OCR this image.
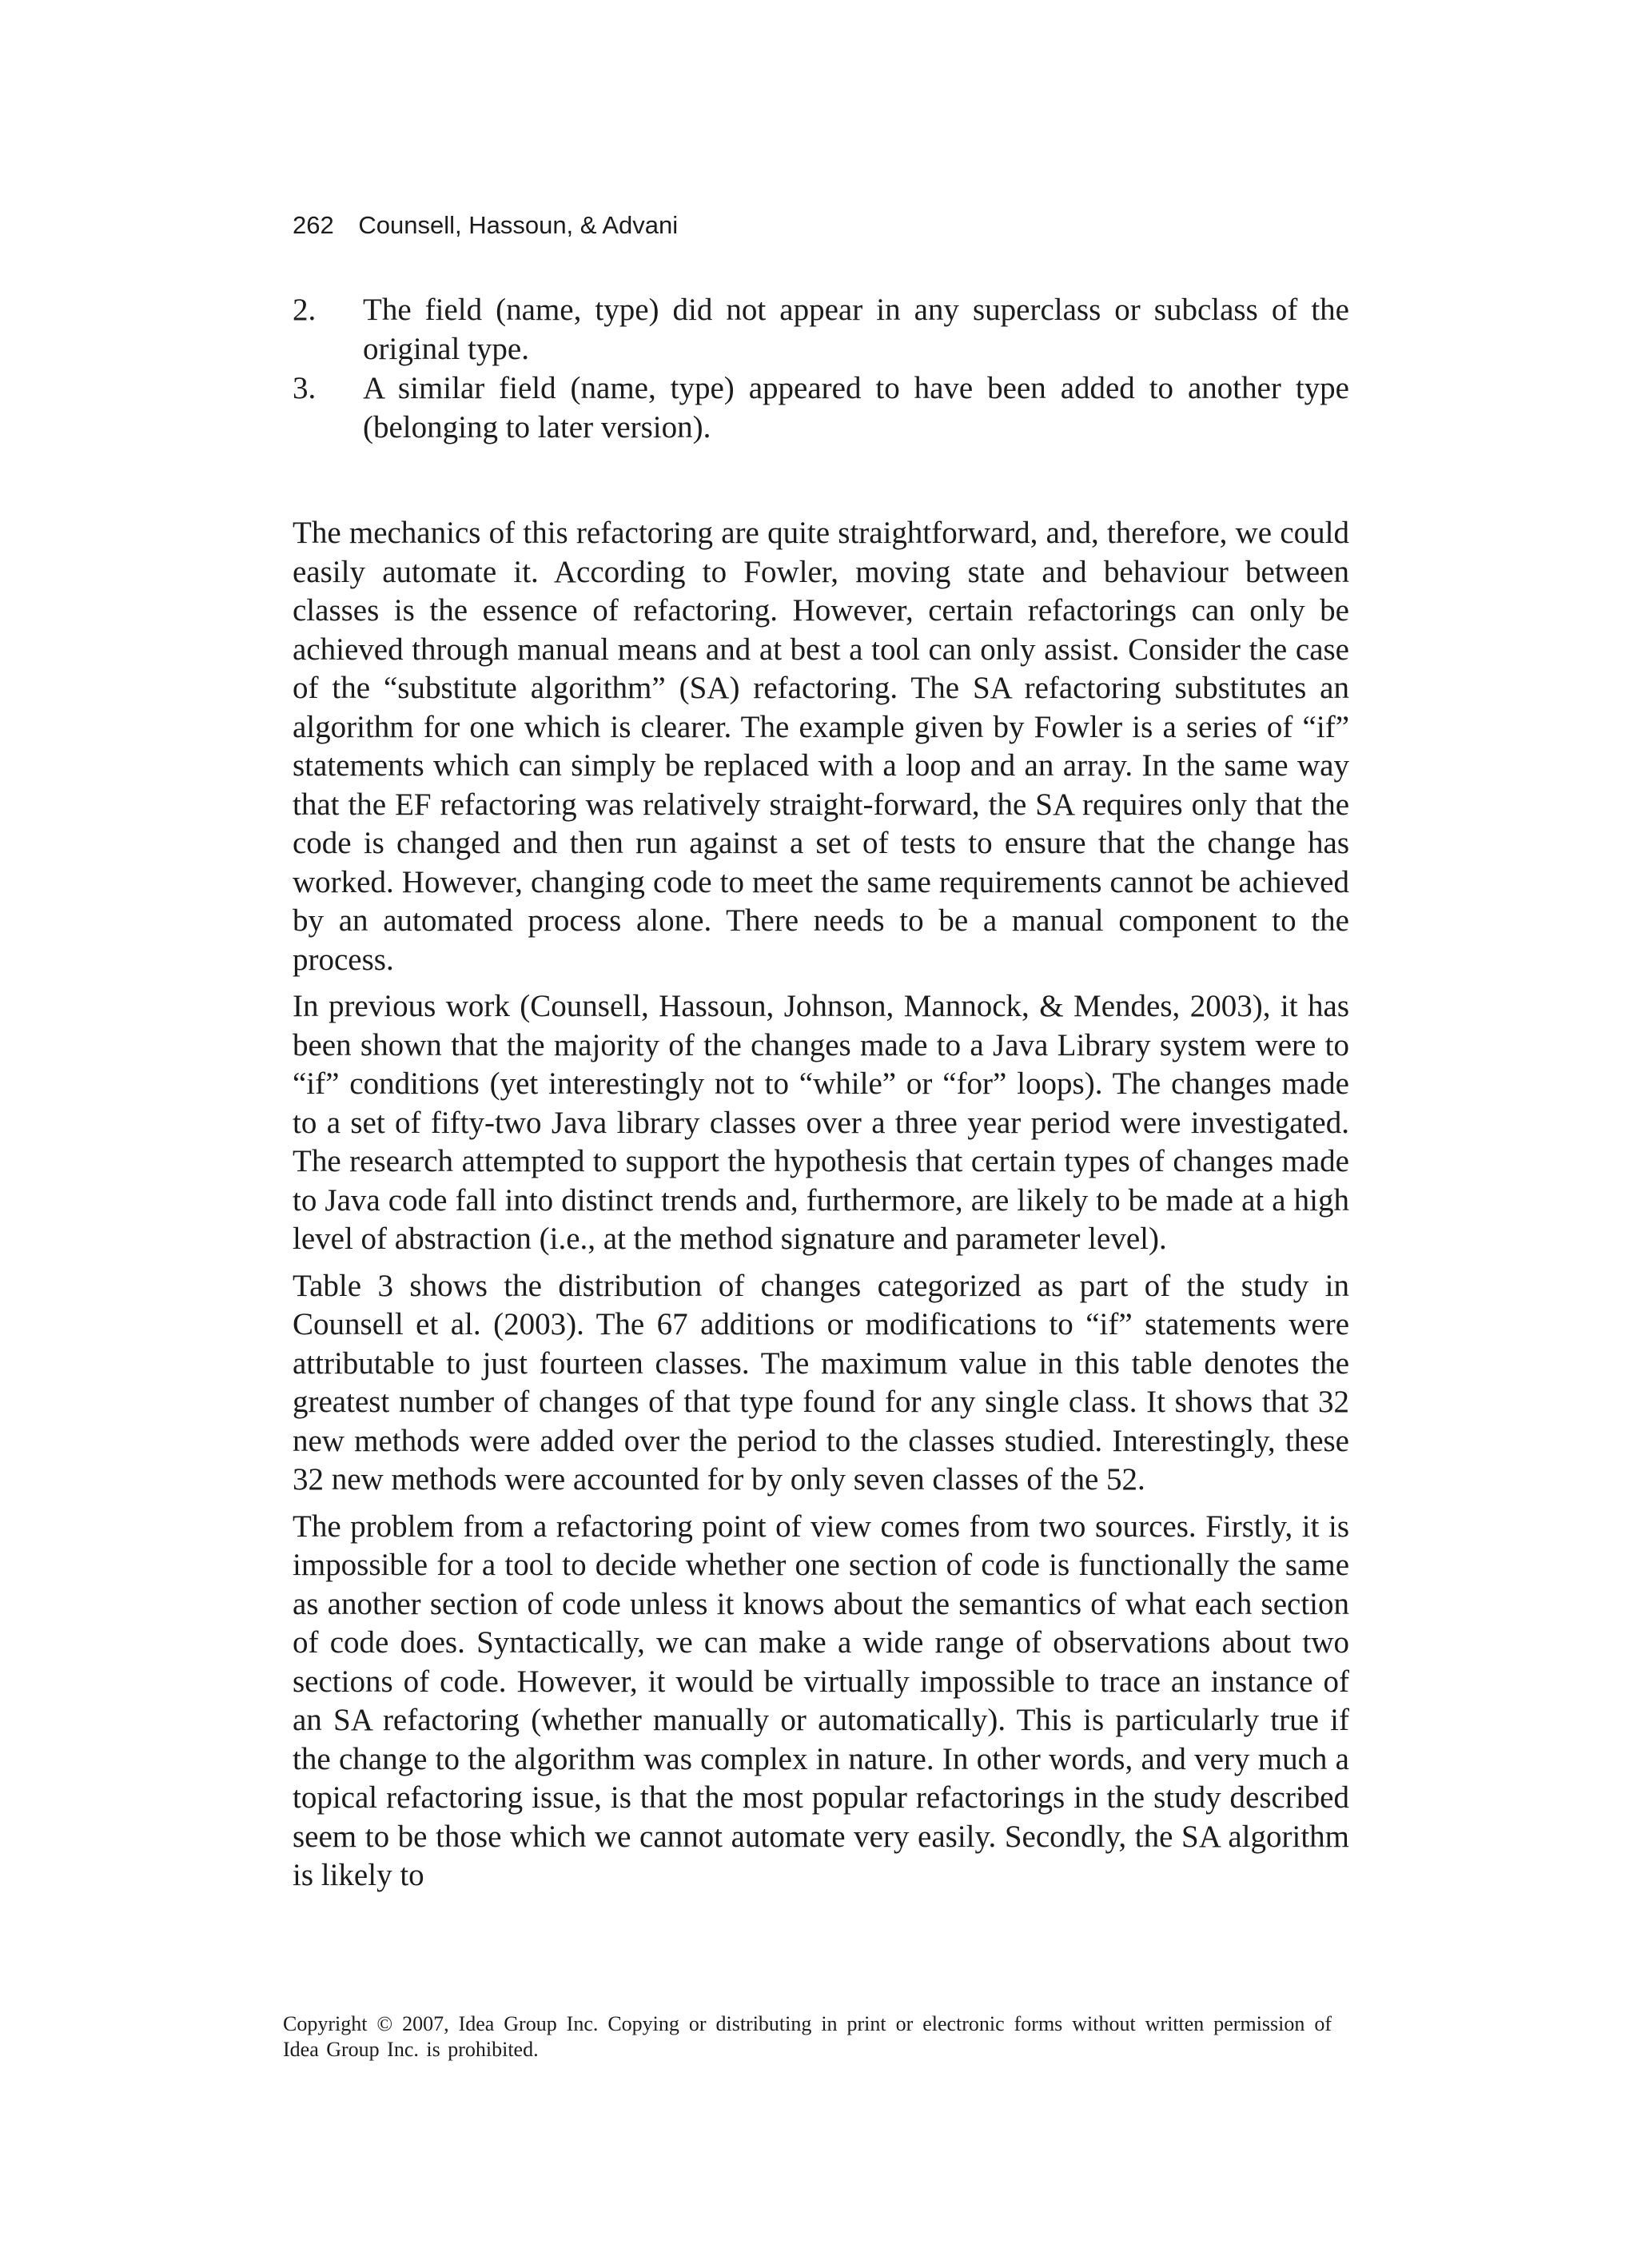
262 Counsell, Hassoun, & Advani
2.	The field (name, type) did not appear in any superclass or subclass of the original type.
3.	A similar field (name, type) appeared to have been added to another type (belonging to later version).

The mechanics of this refactoring are quite straightforward, and, therefore, we could easily automate it. According to Fowler, moving state and behaviour between classes is the essence of refactoring. However, certain refactorings can only be achieved through manual means and at best a tool can only assist. Consider the case of the “substitute algorithm” (SA) refactoring. The SA refactoring substitutes an algorithm for one which is clearer. The example given by Fowler is a series of “if” statements which can simply be replaced with a loop and an array. In the same way that the EF refactoring was relatively straight-forward, the SA requires only that the code is changed and then run against a set of tests to ensure that the change has worked. However, changing code to meet the same requirements cannot be achieved by an automated process alone. There needs to be a manual component to the process.

In previous work (Counsell, Hassoun, Johnson, Mannock, & Mendes, 2003), it has been shown that the majority of the changes made to a Java Library system were to “if” conditions (yet interestingly not to “while” or “for” loops). The changes made to a set of fifty-two Java library classes over a three year period were investigated. The research attempted to support the hypothesis that certain types of changes made to Java code fall into distinct trends and, furthermore, are likely to be made at a high level of abstraction (i.e., at the method signature and parameter level).

Table 3 shows the distribution of changes categorized as part of the study in Counsell et al. (2003). The 67 additions or modifications to “if” statements were attributable to just fourteen classes. The maximum value in this table denotes the greatest number of changes of that type found for any single class. It shows that 32 new methods were added over the period to the classes studied. Interestingly, these 32 new methods were accounted for by only seven classes of the 52.

The problem from a refactoring point of view comes from two sources. Firstly, it is impossible for a tool to decide whether one section of code is functionally the same as another section of code unless it knows about the semantics of what each section of code does. Syntactically, we can make a wide range of observations about two sections of code. However, it would be virtually impossible to trace an instance of an SA refactoring (whether manually or automatically). This is particularly true if the change to the algorithm was complex in nature. In other words, and very much a topical refactoring issue, is that the most popular refactorings in the study described seem to be those which we cannot automate very easily. Secondly, the SA algorithm is likely to

Copyright © 2007, Idea Group Inc. Copying or distributing in print or electronic forms without written permission of Idea Group Inc. is prohibited.
